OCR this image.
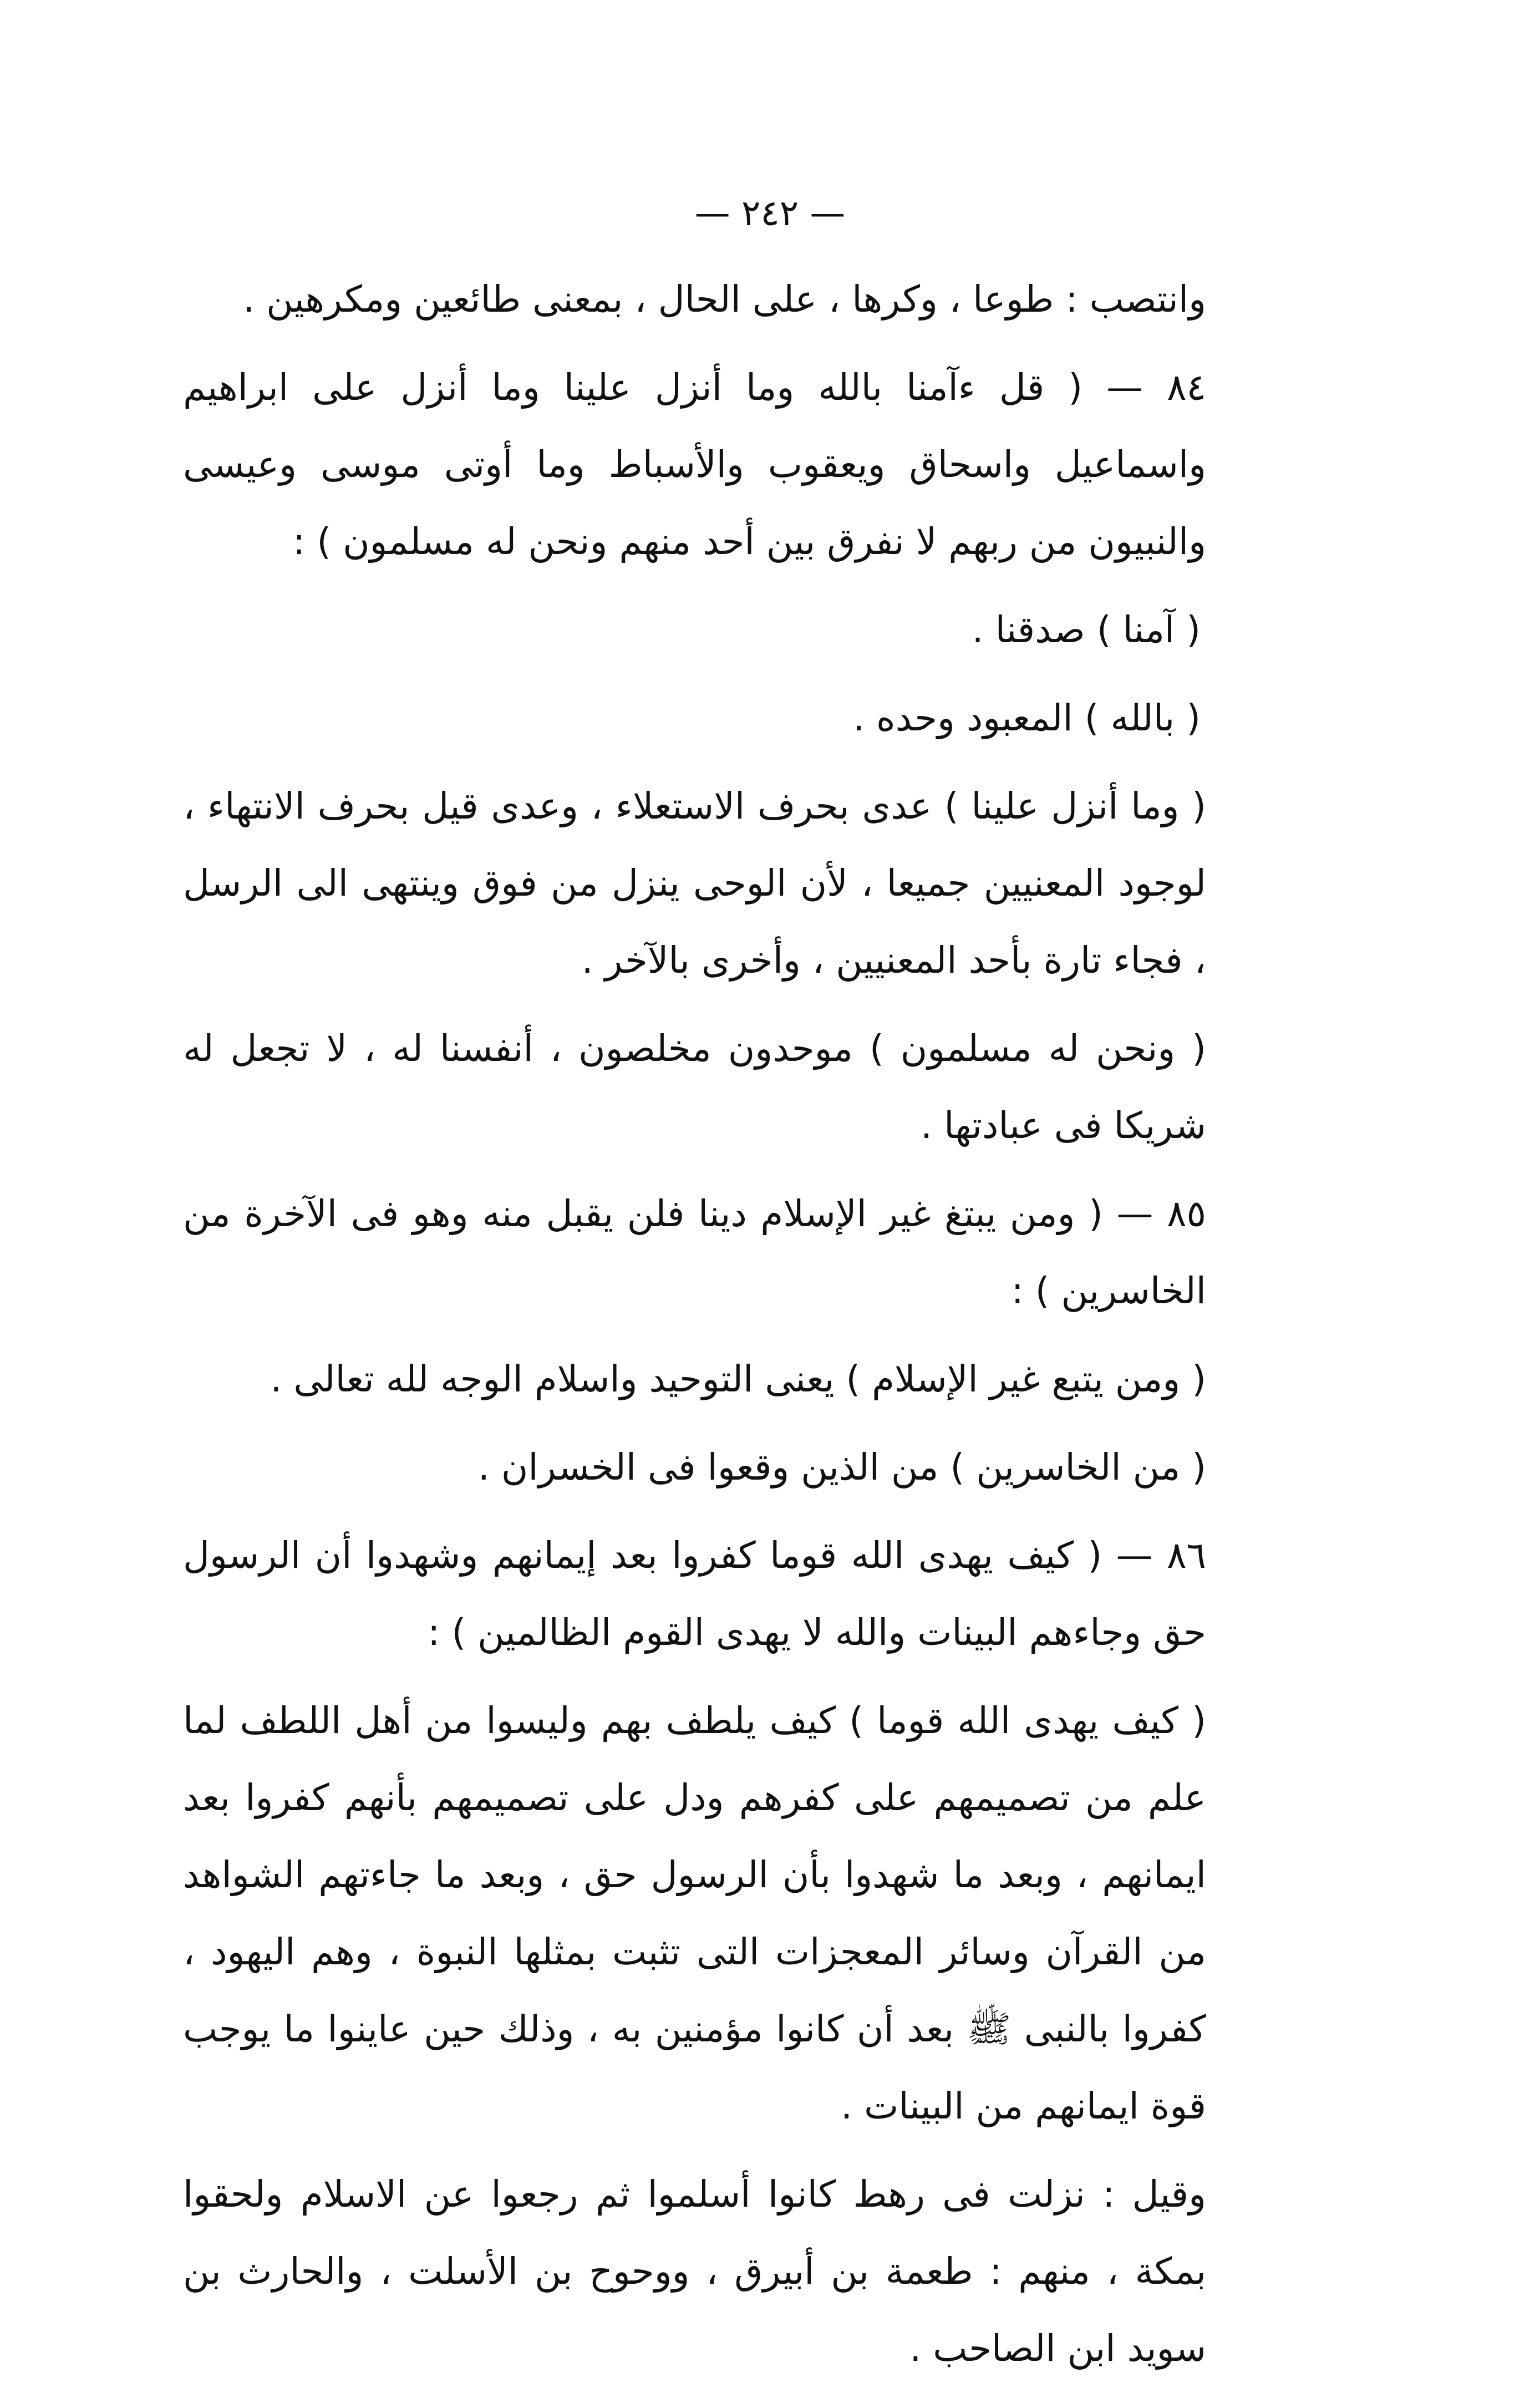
— ٢٤٢ —

وانتصب : طوعا ، وكرها ، على الحال ، بمعنى طائعين ومكرهين .

٨٤ — ( قل ءآمنا بالله وما أنزل علينا وما أنزل على ابراهيم واسماعيل واسحاق ويعقوب والأسباط وما أوتى موسى وعيسى والنبيون من ربهم لا نفرق بين أحد منهم ونحن له مسلمون ) :

( آمنا ) صدقنا .

( بالله ) المعبود وحده .

( وما أنزل علينا ) عدى بحرف الاستعلاء ، وعدى قيل بحرف الانتهاء ، لوجود المعنيين جميعا ، لأن الوحى ينزل من فوق وينتهى الى الرسل ، فجاء تارة بأحد المعنيين ، وأخرى بالآخر .

( ونحن له مسلمون ) موحدون مخلصون ، أنفسنا له ، لا تجعل له شريكا فى عبادتها .

٨٥ — ( ومن يبتغ غير الإسلام دينا فلن يقبل منه وهو فى الآخرة من الخاسرين ) :

( ومن يتبع غير الإسلام ) يعنى التوحيد واسلام الوجه لله تعالى .

( من الخاسرين ) من الذين وقعوا فى الخسران .

٨٦ — ( كيف يهدى الله قوما كفروا بعد إيمانهم وشهدوا أن الرسول حق وجاءهم البينات والله لا يهدى القوم الظالمين ) :

( كيف يهدى الله قوما ) كيف يلطف بهم وليسوا من أهل اللطف لما علم من تصميمهم على كفرهم ودل على تصميمهم بأنهم كفروا بعد ايمانهم ، وبعد ما شهدوا بأن الرسول حق ، وبعد ما جاءتهم الشواهد من القرآن وسائر المعجزات التى تثبت بمثلها النبوة ، وهم اليهود ، كفروا بالنبى ﷺ بعد أن كانوا مؤمنين به ، وذلك حين عاينوا ما يوجب قوة ايمانهم من البينات .

وقيل : نزلت فى رهط كانوا أسلموا ثم رجعوا عن الاسلام ولحقوا بمكة ، منهم : طعمة بن أبيرق ، ووحوح بن الأسلت ، والحارث بن سويد ابن الصاحب .
